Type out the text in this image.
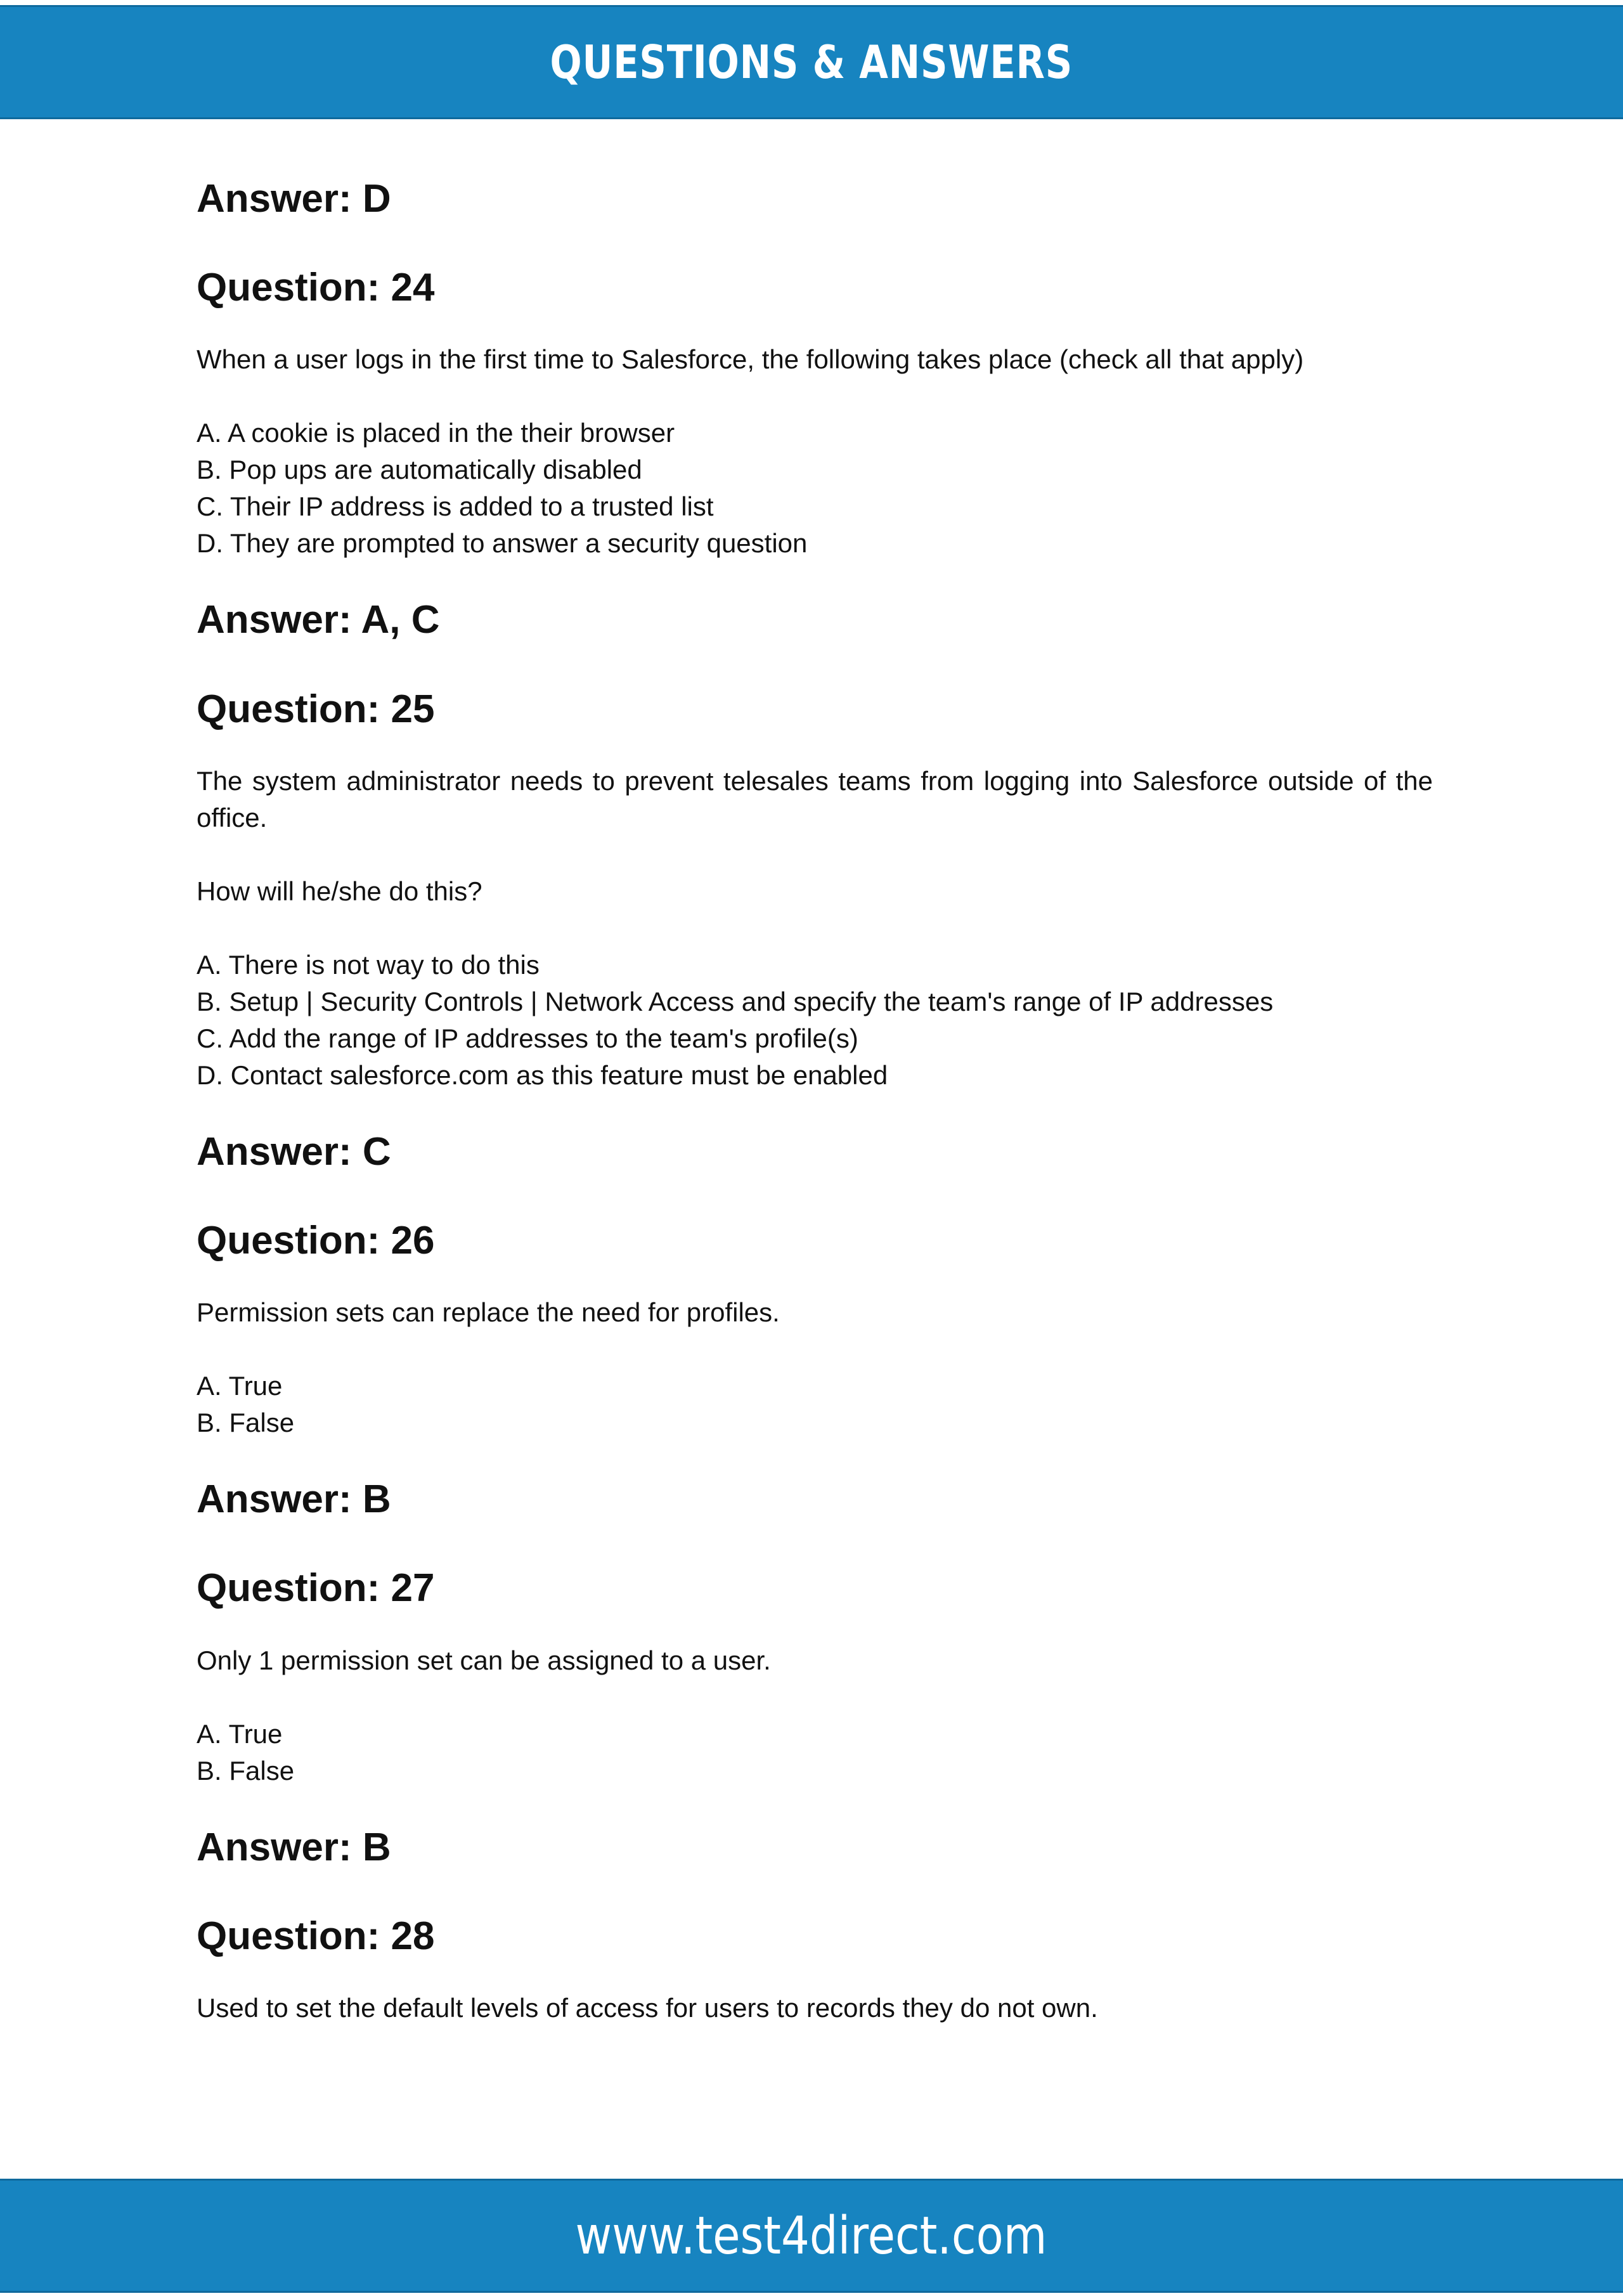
QUESTIONS & ANSWERS
Answer: D
Question: 24

When a user logs in the first time to Salesforce, the following takes place (check all that apply)

A. A cookie is placed in the their browser
B. Pop ups are automatically disabled
C. Their IP address is added to a trusted list
D. They are prompted to answer a security question
Answer: A, C
Question: 25

The system administrator needs to prevent telesales teams from logging into Salesforce outside of the office.

How will he/she do this?

A. There is not way to do this
B. Setup | Security Controls | Network Access and specify the team's range of IP addresses
C. Add the range of IP addresses to the team's profile(s)
D. Contact salesforce.com as this feature must be enabled
Answer: C
Question: 26

Permission sets can replace the need for profiles.

A. True
B. False
Answer: B
Question: 27

Only 1 permission set can be assigned to a user.

A. True
B. False
Answer: B
Question: 28

Used to set the default levels of access for users to records they do not own.

www.test4direct.com
